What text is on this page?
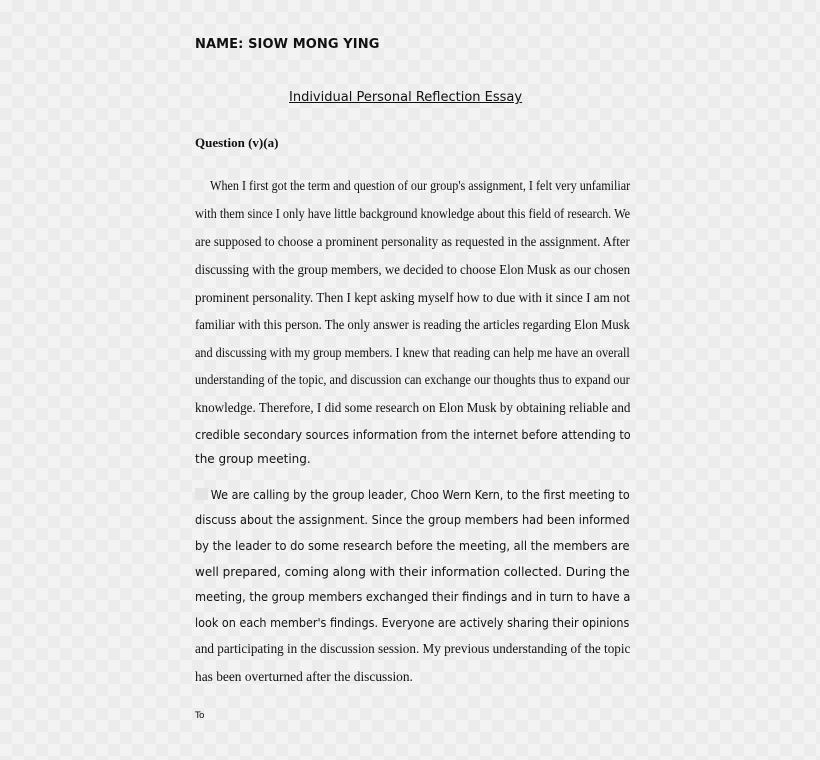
NAME: SIOW MONG YING
Individual Personal Reflection Essay
Question (v)(a)
When I first got the term and question of our group's assignment, I felt very unfamiliar
with them since I only have little background knowledge about this field of research. We
are supposed to choose a prominent personality as requested in the assignment. After
discussing with the group members, we decided to choose Elon Musk as our chosen
prominent personality. Then I kept asking myself how to due with it since I am not
familiar with this person. The only answer is reading the articles regarding Elon Musk
and discussing with my group members. I knew that reading can help me have an overall
understanding of the topic, and discussion can exchange our thoughts thus to expand our
knowledge. Therefore, I did some research on Elon Musk by obtaining reliable and
credible secondary sources information from the internet before attending to
the group meeting.
We are calling by the group leader, Choo Wern Kern, to the first meeting to
discuss about the assignment. Since the group members had been informed
by the leader to do some research before the meeting, all the members are
well prepared, coming along with their information collected. During the
meeting, the group members exchanged their findings and in turn to have a
look on each member's findings. Everyone are actively sharing their opinions
and participating in the discussion session. My previous understanding of the topic
has been overturned after the discussion.
To
